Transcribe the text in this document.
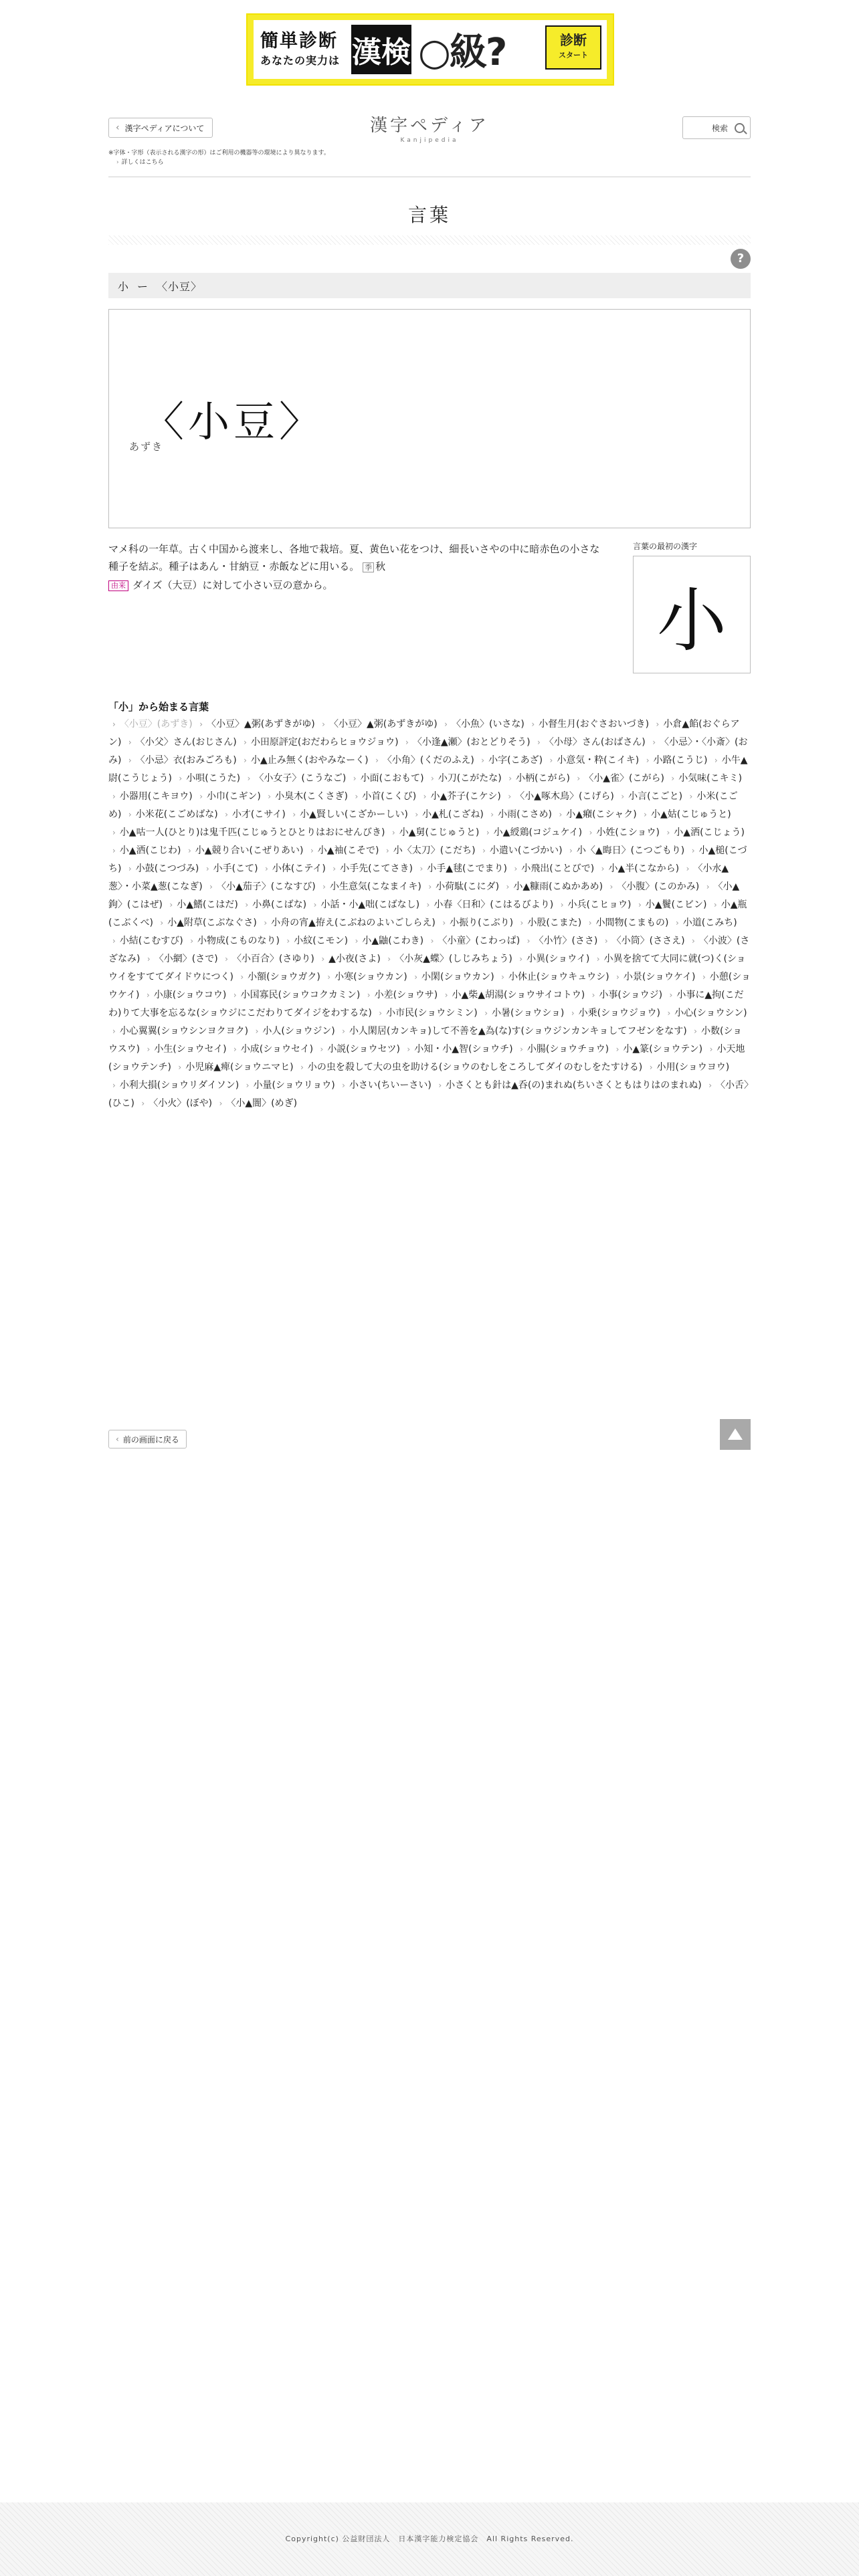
簡単診断
あなたの実力は 漢検 ○級?	診断
スタート
‹ 漢字ペディアについて	漢字ペディア
Kanjipedia
検索
※字体・字形（表示される漢字の形）はご利用の機器等の環境により異なります。
› 詳しくはこちら
言葉
?
小 ー 〈小豆〉
〈小豆〉
あずき
マメ科の一年草。古く中国から渡来し、各地で栽培。夏、黄色い花をつけ、細長いさやの中に暗赤色の小さな種子を結ぶ。種子はあん・甘納豆・赤飯などに用いる。 季 秋
由来 ダイズ（大豆）に対して小さい豆の意から。
言葉の最初の漢字
小
「小」から始まる言葉
› 〈小豆〉(あずき) › 〈小豆〉▲粥(あずきがゆ) › 〈小豆〉▲粥(あずきがゆ) › 〈小魚〉(いさな) › 小督生月(おぐさおいづき) › 小倉▲餡(おぐらアン) › 〈小父〉さん(おじさん) › 小田原評定(おだわらヒョウジョウ) › 〈小逢▲瀬〉(おとどりそう) › 〈小母〉さん(おばさん) › 〈小忌〉・〈小斎〉(おみ) › 〈小忌〉衣(おみごろも) › 小▲止み無く(おやみなーく) › 〈小角〉(くだのふえ) › 小字(こあざ) › 小意気・粋(こイキ) › 小路(こうじ) › 小牛▲尉(こうじょう) › 小唄(こうた) › 〈小女子〉(こうなご) › 小面(こおもて) › 小刀(こがたな) › 小柄(こがら) › 〈小▲雀〉(こがら) › 小気味(こキミ) › 小器用(こキヨウ) › 小巾(こギン) › 小臭木(こくさぎ) › 小首(こくび) › 小▲芥子(こケシ) › 〈小▲啄木鳥〉(こげら) › 小言(こごと) › 小米(こごめ) › 小米花(こごめばな) › 小才(こサイ) › 小▲賢しい(こざかーしい) › 小▲札(こざね) › 小雨(こさめ) › 小▲癪(こシャク) › 小▲姑(こじゅうと) › 小▲咕一人(ひとり)は鬼千匹(こじゅうとひとりはおにせんびき) › 小▲舅(こじゅうと) › 小▲綬鶏(コジュケイ) › 小姓(こショウ) › 小▲洒(こじょう) › 小▲洒(こじわ) › 小▲競り合い(こぜりあい) › 小▲袖(こそで) › 小〈太刀〉(こだち) › 小遣い(こづかい) › 小〈▲晦日〉(こつごもり) › 小▲槌(こづち) › 小鼓(こつづみ) › 小手(こて) › 小体(こテイ) › 小手先(こてさき) › 小手▲毬(こでまり) › 小飛出(ことびで) › 小▲半(こなから) › 〈小水▲葱〉・小菜▲葱(こなぎ) › 〈小▲茄子〉(こなすび) › 小生意気(こなまイキ) › 小荷駄(こにダ) › 小▲糠雨(こぬかあめ) › 〈小腹〉(このかみ) › 〈小▲鉤〉(こはぜ) › 小▲鰭(こはだ) › 小鼻(こばな) › 小話・小▲咄(こばなし) › 小春〈日和〉(こはるびより) › 小兵(こヒョウ) › 小▲鬢(こビン) › 小▲瓶(こぶくべ) › 小▲附草(こぶなぐさ) › 小舟の宵▲拵え(こぶねのよいごしらえ) › 小振り(こぶり) › 小股(こまた) › 小間物(こまもの) › 小道(こみち) › 小結(こむすび) › 小物成(こものなり) › 小紋(こモン) › 小▲鼬(こわき) › 〈小童〉(こわっぱ) › 〈小竹〉(ささ) › 〈小筒〉(ささえ) › 〈小波〉(さざなみ) › 〈小網〉(さで) › 〈小百合〉(さゆり) › ▲小夜(さよ) › 〈小灰▲蝶〉(しじみちょう) › 小異(ショウイ) › 小異を捨てて大同に就(つ)く(ショウイをすててダイドウにつく) › 小額(ショウガク) › 小寒(ショウカン) › 小閑(ショウカン) › 小休止(ショウキュウシ) › 小景(ショウケイ) › 小憩(ショウケイ) › 小康(ショウコウ) › 小国寡民(ショウコクカミン) › 小差(ショウサ) › 小▲柴▲胡湯(ショウサイコトウ) › 小事(ショウジ) › 小事に▲拘(こだわ)りて大事を忘るな(ショウジにこだわりてダイジをわするな) › 小市民(ショウシミン) › 小暑(ショウショ) › 小乗(ショウジョウ) › 小心(ショウシン) › 小心翼翼(ショウシンヨクヨク) › 小人(ショウジン) › 小人閑居(カンキョ)して不善を▲為(な)す(ショウジンカンキョしてフゼンをなす) › 小数(ショウスウ) › 小生(ショウセイ) › 小成(ショウセイ) › 小説(ショウセツ) › 小知・小▲智(ショウチ) › 小腸(ショウチョウ) › 小▲篆(ショウテン) › 小天地(ショウテンチ) › 小児麻▲痺(ショウニマヒ) › 小の虫を殺して大の虫を助ける(ショウのむしをころしてダイのむしをたすける) › 小用(ショウヨウ) › 小利大損(ショウリダイソン) › 小量(ショウリョウ) › 小さい(ちいーさい) › 小さくとも針は▲呑(の)まれぬ(ちいさくともはりはのまれぬ) › 〈小舌〉(ひこ) › 〈小火〉(ぼや) › 〈小▲闇〉(めぎ)
‹ 前の画面に戻る
Copyright(c) 公益財団法人　日本漢字能力検定協会　All Rights Reserved.
